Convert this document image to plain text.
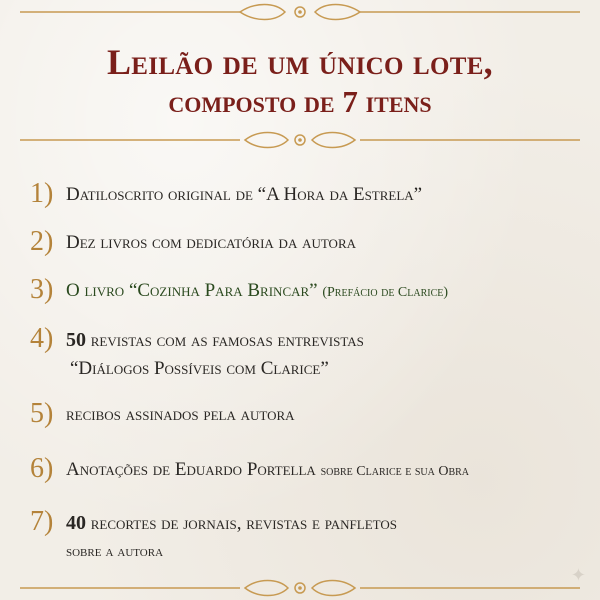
Leilão de um único lote,
composto de 7 itens
1) Datiloscrito original de “A Hora da Estrela”
2) Dez livros com dedicatória da autora
3) O livro “Cozinha Para Brincar” (Prefácio de Clarice)
4) 50 revistas com as famosas entrevistas
“Diálogos Possíveis com Clarice”
5) recibos assinados pela autora
6) Anotações de Eduardo Portella sobre Clarice e sua Obra
7) 40 recortes de jornais, revistas e panfletos
sobre a autora
✦
